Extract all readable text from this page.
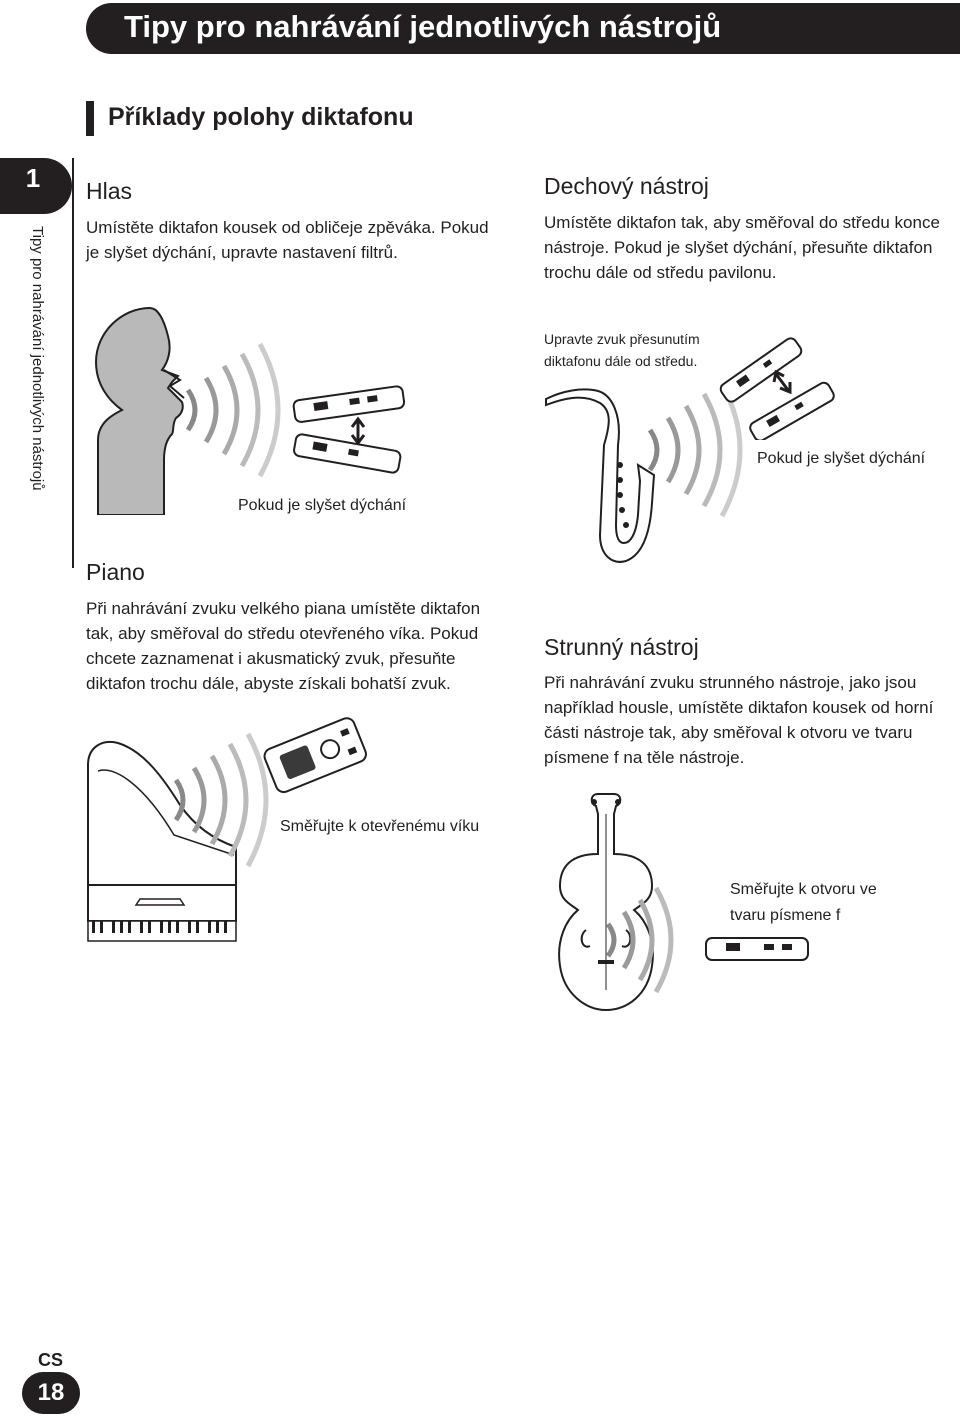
Tipy pro nahrávání jednotlivých nástrojů
Příklady polohy diktafonu
1
Tipy pro nahrávání jednotlivých nástrojů
Hlas
Umístěte diktafon kousek od obličeje zpěváka. Pokud je slyšet dýchání, upravte nastavení filtrů.
Pokud je slyšet dýchání
Dechový nástroj
Umístěte diktafon tak, aby směřoval do středu konce nástroje. Pokud je slyšet dýchání, přesuňte diktafon trochu dále od středu pavilonu.
Upravte zvuk přesunutím diktafonu dále od středu.
Pokud je slyšet dýchání
Piano
Při nahrávání zvuku velkého piana umístěte diktafon tak, aby směřoval do středu otevřeného víka. Pokud chcete zaznamenat i akusmatický zvuk, přesuňte diktafon trochu dále, abyste získali bohatší zvuk.
Směřujte k otevřenému víku
Strunný nástroj
Při nahrávání zvuku strunného nástroje, jako jsou například housle, umístěte diktafon kousek od horní části nástroje tak, aby směřoval k otvoru ve tvaru písmene f na těle nástroje.
Směřujte k otvoru ve tvaru písmene f
CS
18
